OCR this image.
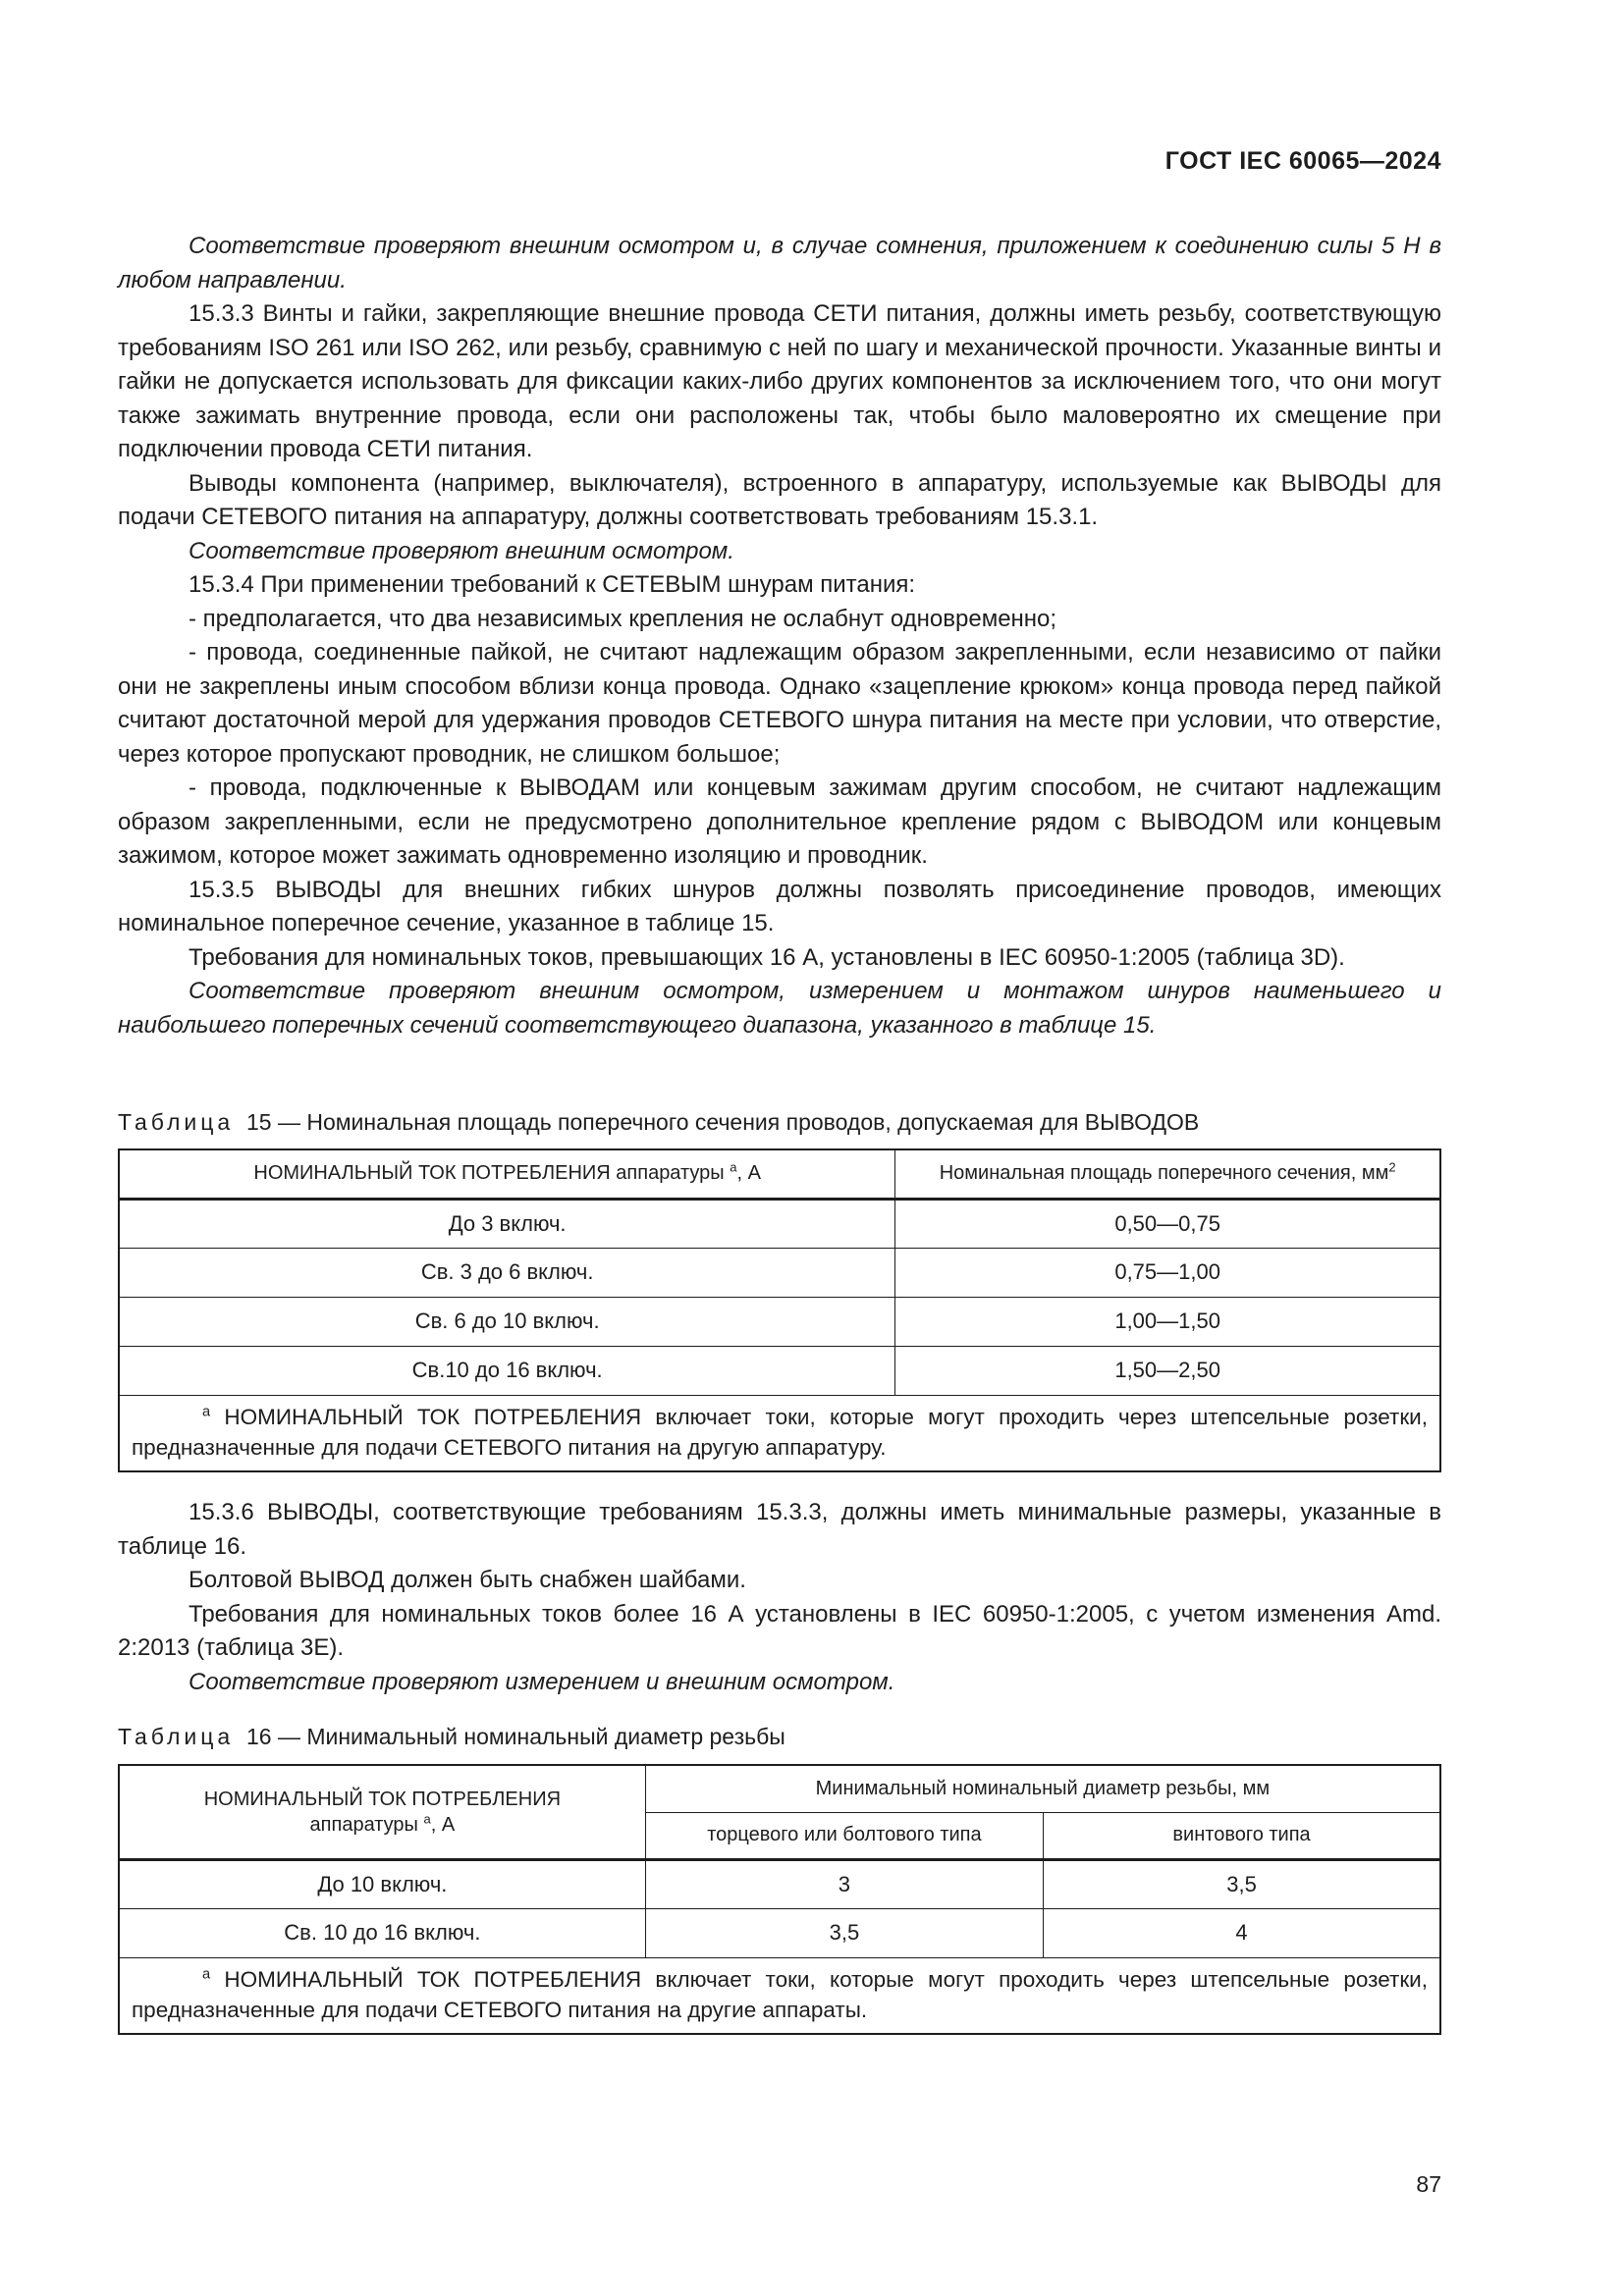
ГОСТ IEC 60065—2024

Соответствие проверяют внешним осмотром и, в случае сомнения, приложением к соединению силы 5 Н в любом направлении.

15.3.3 Винты и гайки, закрепляющие внешние провода СЕТИ питания, должны иметь резьбу, соответствующую требованиям ISO 261 или ISO 262, или резьбу, сравнимую с ней по шагу и механической прочности. Указанные винты и гайки не допускается использовать для фиксации каких-либо других компонентов за исключением того, что они могут также зажимать внутренние провода, если они расположены так, чтобы было маловероятно их смещение при подключении провода СЕТИ питания.

Выводы компонента (например, выключателя), встроенного в аппаратуру, используемые как ВЫВОДЫ для подачи СЕТЕВОГО питания на аппаратуру, должны соответствовать требованиям 15.3.1.

Соответствие проверяют внешним осмотром.

15.3.4 При применении требований к СЕТЕВЫМ шнурам питания:

- предполагается, что два независимых крепления не ослабнут одновременно;

- провода, соединенные пайкой, не считают надлежащим образом закрепленными, если независимо от пайки они не закреплены иным способом вблизи конца провода. Однако «зацепление крюком» конца провода перед пайкой считают достаточной мерой для удержания проводов СЕТЕВОГО шнура питания на месте при условии, что отверстие, через которое пропускают проводник, не слишком большое;

- провода, подключенные к ВЫВОДАМ или концевым зажимам другим способом, не считают надлежащим образом закрепленными, если не предусмотрено дополнительное крепление рядом с ВЫВОДОМ или концевым зажимом, которое может зажимать одновременно изоляцию и проводник.

15.3.5 ВЫВОДЫ для внешних гибких шнуров должны позволять присоединение проводов, имеющих номинальное поперечное сечение, указанное в таблице 15.

Требования для номинальных токов, превышающих 16 А, установлены в IEC 60950-1:2005 (таблица 3D).

Соответствие проверяют внешним осмотром, измерением и монтажом шнуров наименьшего и наибольшего поперечных сечений соответствующего диапазона, указанного в таблице 15.

Таблица 15 — Номинальная площадь поперечного сечения проводов, допускаемая для ВЫВОДОВ
НОМИНАЛЬНЫЙ ТОК ПОТРЕБЛЕНИЯ аппаратуры $^a$, А	Номинальная площадь поперечного сечения, $мм^2$
До 3 включ.	0,50—0,75
Св. 3 до 6 включ.	0,75—1,00
Св. 6 до 10 включ.	1,00—1,50
Св.10 до 16 включ.	1,50—2,50
$^a$ НОМИНАЛЬНЫЙ ТОК ПОТРЕБЛЕНИЯ включает токи, которые могут проходить через штепсельные розетки, предназначенные для подачи СЕТЕВОГО питания на другую аппаратуру.	

15.3.6 ВЫВОДЫ, соответствующие требованиям 15.3.3, должны иметь минимальные размеры, указанные в таблице 16.

Болтовой ВЫВОД должен быть снабжен шайбами.

Требования для номинальных токов более 16 А установлены в IEC 60950-1:2005, с учетом изменения Amd. 2:2013 (таблица 3E).

Соответствие проверяют измерением и внешним осмотром.

Таблица 16 — Минимальный номинальный диаметр резьбы
НОМИНАЛЬНЫЙ ТОК ПОТРЕБЛЕНИЯ
аппаратуры $^a$, А	Минимальный номинальный диаметр резьбы, мм	
	торцевого или болтового типа	винтового типа
До 10 включ.	3	3,5
Св. 10 до 16 включ.	3,5	4
$^a$ НОМИНАЛЬНЫЙ ТОК ПОТРЕБЛЕНИЯ включает токи, которые могут проходить через штепсельные розетки, предназначенные для подачи СЕТЕВОГО питания на другие аппараты.		
87
